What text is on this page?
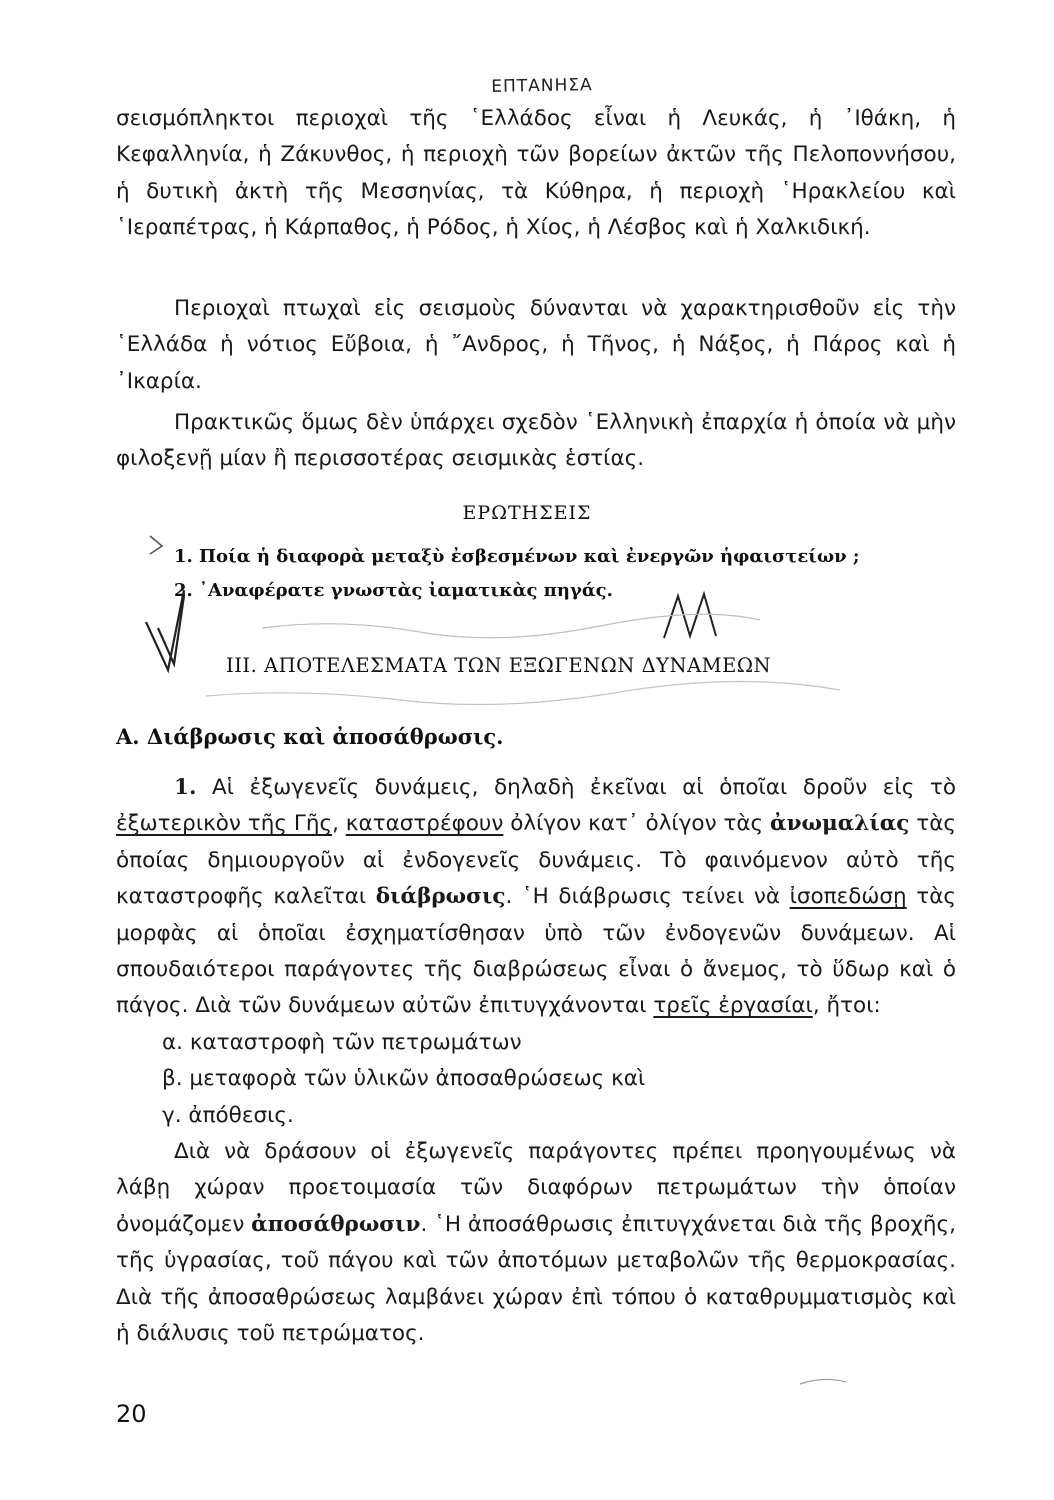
ΕΠΤΑΝΗΣΑ

σεισμόπληκτοι περιοχαὶ τῆς ῾Ελλάδος εἶναι ἡ Λευκάς, ἡ ᾿Ιθάκη, ἡ Κεφαλληνία, ἡ Ζάκυνθος, ἡ περιοχὴ τῶν βορείων ἀκτῶν τῆς Πελοποννήσου, ἡ δυτικὴ ἀκτὴ τῆς Μεσσηνίας, τὰ Κύθηρα, ἡ περιοχὴ ῾Ηρακλείου καὶ ῾Ιεραπέτρας, ἡ Κάρπαθος, ἡ Ρόδος, ἡ Χίος, ἡ Λέσβος καὶ ἡ Χαλκιδική.

Περιοχαὶ πτωχαὶ εἰς σεισμοὺς δύνανται νὰ χαρακτηρισθοῦν εἰς τὴν ῾Ελλάδα ἡ νότιος Εὔβοια, ἡ ῎Ανδρος, ἡ Τῆνος, ἡ Νάξος, ἡ Πάρος καὶ ἡ ᾿Ικαρία.

Πρακτικῶς ὅμως δὲν ὑπάρχει σχεδὸν ῾Ελληνικὴ ἐπαρχία ἡ ὁποία νὰ μὴν φιλοξενῇ μίαν ἢ περισσοτέρας σεισμικὰς ἑστίας.

ΕΡΩΤΗΣΕΙΣ
1. Ποία ἡ διαφορὰ μεταξὺ ἐσβεσμένων καὶ ἐνεργῶν ἡφαιστείων ;
2. ᾿Αναφέρατε γνωστὰς ἰαματικὰς πηγάς.
ΙΙΙ. ΑΠΟΤΕΛΕΣΜΑΤΑ ΤΩΝ ΕΞΩΓΕΝΩΝ ΔΥΝΑΜΕΩΝ
Α. Διάβρωσις καὶ ἀποσάθρωσις.

1. Αἱ ἐξωγενεῖς δυνάμεις, δηλαδὴ ἐκεῖναι αἱ ὁποῖαι δροῦν εἰς τὸ ἐξωτερικὸν τῆς Γῆς, καταστρέφουν ὀλίγον κατ᾽ ὀλίγον τὰς ἀνωμαλίας τὰς ὁποίας δημιουργοῦν αἱ ἐνδογενεῖς δυνάμεις. Τὸ φαινόμενον αὐτὸ τῆς καταστροφῆς καλεῖται διάβρωσις. ῾Η διάβρωσις τείνει νὰ ἰσοπεδώσῃ τὰς μορφὰς αἱ ὁποῖαι ἐσχηματίσθησαν ὑπὸ τῶν ἐνδογενῶν δυνάμεων. Αἱ σπουδαιότεροι παράγοντες τῆς διαβρώσεως εἶναι ὁ ἄνεμος, τὸ ὕδωρ καὶ ὁ πάγος. Διὰ τῶν δυνάμεων αὐτῶν ἐπιτυγχάνονται τρεῖς ἐργασίαι, ἤτοι:

α. καταστροφὴ τῶν πετρωμάτων
β. μεταφορὰ τῶν ὑλικῶν ἀποσαθρώσεως καὶ
γ. ἀπόθεσις.

Διὰ νὰ δράσουν οἱ ἐξωγενεῖς παράγοντες πρέπει προηγουμένως νὰ λάβῃ χώραν προετοιμασία τῶν διαφόρων πετρωμάτων τὴν ὁποίαν ὀνομάζομεν ἀποσάθρωσιν. ῾Η ἀποσάθρωσις ἐπιτυγχάνεται διὰ τῆς βροχῆς, τῆς ὑγρασίας, τοῦ πάγου καὶ τῶν ἀποτόμων μεταβολῶν τῆς θερμοκρασίας. Διὰ τῆς ἀποσαθρώσεως λαμβάνει χώραν ἐπὶ τόπου ὁ καταθρυμματισμὸς καὶ ἡ διάλυσις τοῦ πετρώματος.

20
